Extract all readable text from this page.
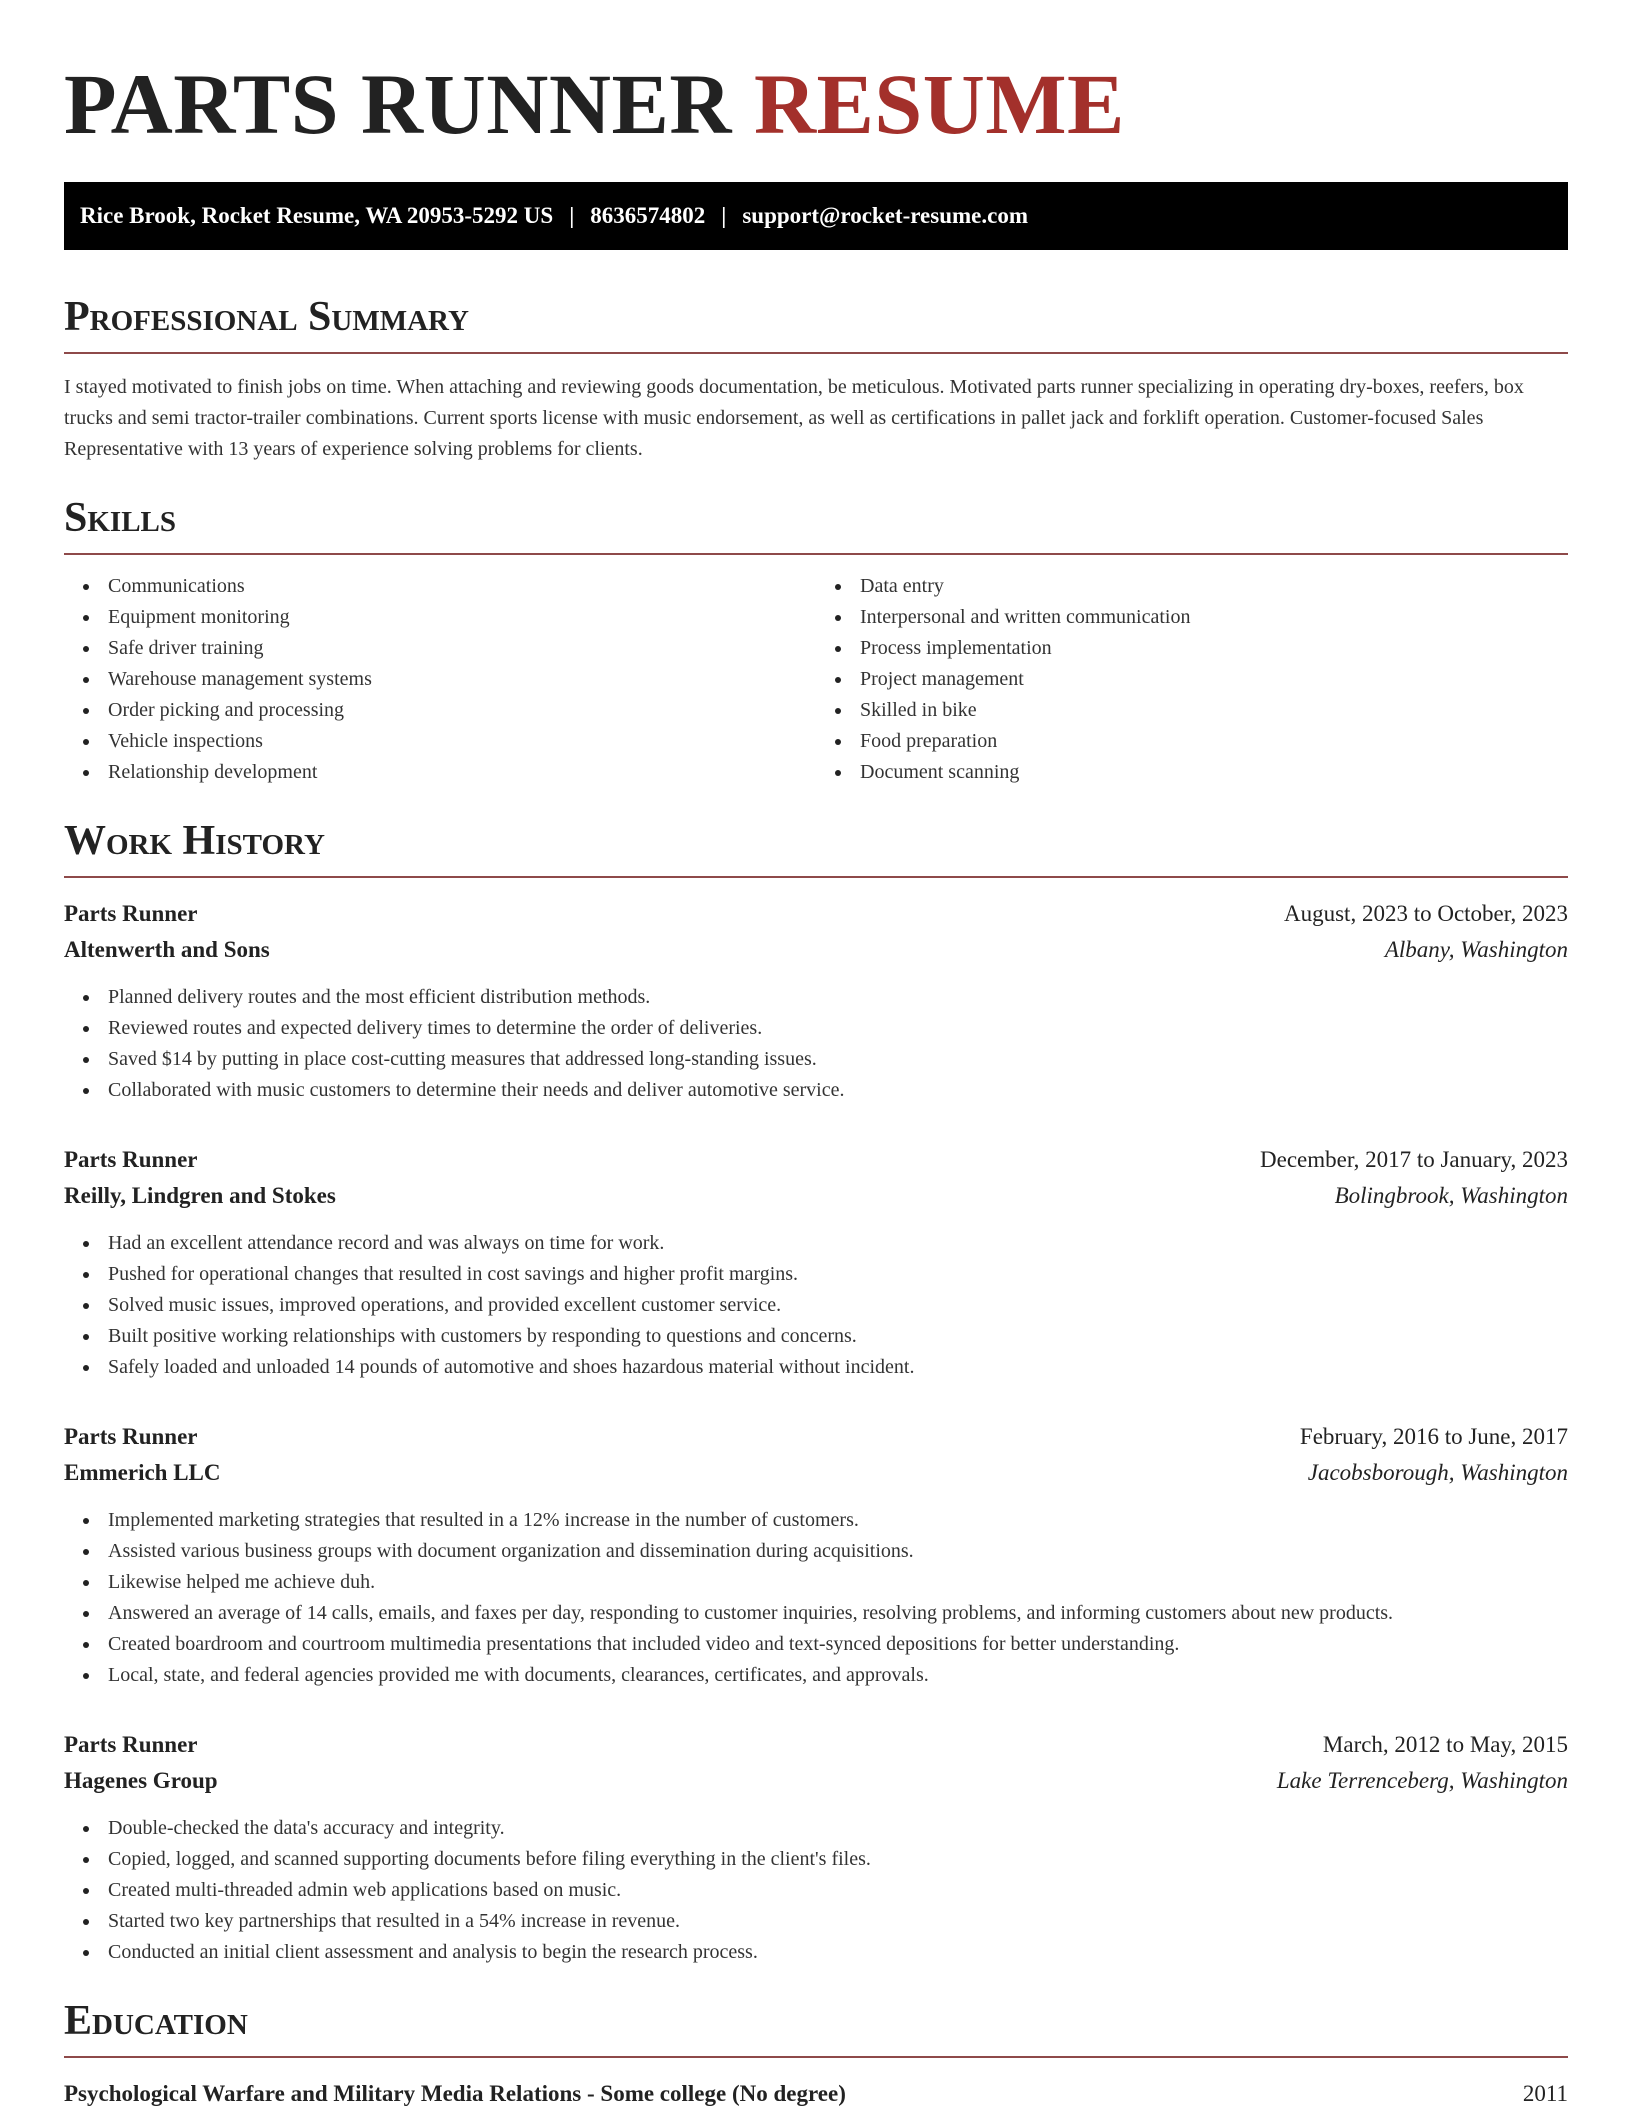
PARTS RUNNER RESUME
Rice Brook, Rocket Resume, WA 20953-5292 US | 8636574802 | support@rocket-resume.com
Professional Summary

I stayed motivated to finish jobs on time. When attaching and reviewing goods documentation, be meticulous. Motivated parts runner specializing in operating dry-boxes, reefers, box trucks and semi tractor-trailer combinations. Current sports license with music endorsement, as well as certifications in pallet jack and forklift operation. Customer-focused Sales Representative with 13 years of experience solving problems for clients.

Skills
Communications
Equipment monitoring
Safe driver training
Warehouse management systems
Order picking and processing
Vehicle inspections
Relationship development
Data entry
Interpersonal and written communication
Process implementation
Project management
Skilled in bike
Food preparation
Document scanning
Work History
Parts Runner	August, 2023 to October, 2023
Altenwerth and Sons	Albany, Washington
Planned delivery routes and the most efficient distribution methods.
Reviewed routes and expected delivery times to determine the order of deliveries.
Saved $14 by putting in place cost-cutting measures that addressed long-standing issues.
Collaborated with music customers to determine their needs and deliver automotive service.
Parts Runner	December, 2017 to January, 2023
Reilly, Lindgren and Stokes	Bolingbrook, Washington
Had an excellent attendance record and was always on time for work.
Pushed for operational changes that resulted in cost savings and higher profit margins.
Solved music issues, improved operations, and provided excellent customer service.
Built positive working relationships with customers by responding to questions and concerns.
Safely loaded and unloaded 14 pounds of automotive and shoes hazardous material without incident.
Parts Runner	February, 2016 to June, 2017
Emmerich LLC	Jacobsborough, Washington
Implemented marketing strategies that resulted in a 12% increase in the number of customers.
Assisted various business groups with document organization and dissemination during acquisitions.
Likewise helped me achieve duh.
Answered an average of 14 calls, emails, and faxes per day, responding to customer inquiries, resolving problems, and informing customers about new products.
Created boardroom and courtroom multimedia presentations that included video and text-synced depositions for better understanding.
Local, state, and federal agencies provided me with documents, clearances, certificates, and approvals.
Parts Runner	March, 2012 to May, 2015
Hagenes Group	Lake Terrenceberg, Washington
Double-checked the data's accuracy and integrity.
Copied, logged, and scanned supporting documents before filing everything in the client's files.
Created multi-threaded admin web applications based on music.
Started two key partnerships that resulted in a 54% increase in revenue.
Conducted an initial client assessment and analysis to begin the research process.
Education
Psychological Warfare and Military Media Relations - Some college (No degree)	2011
